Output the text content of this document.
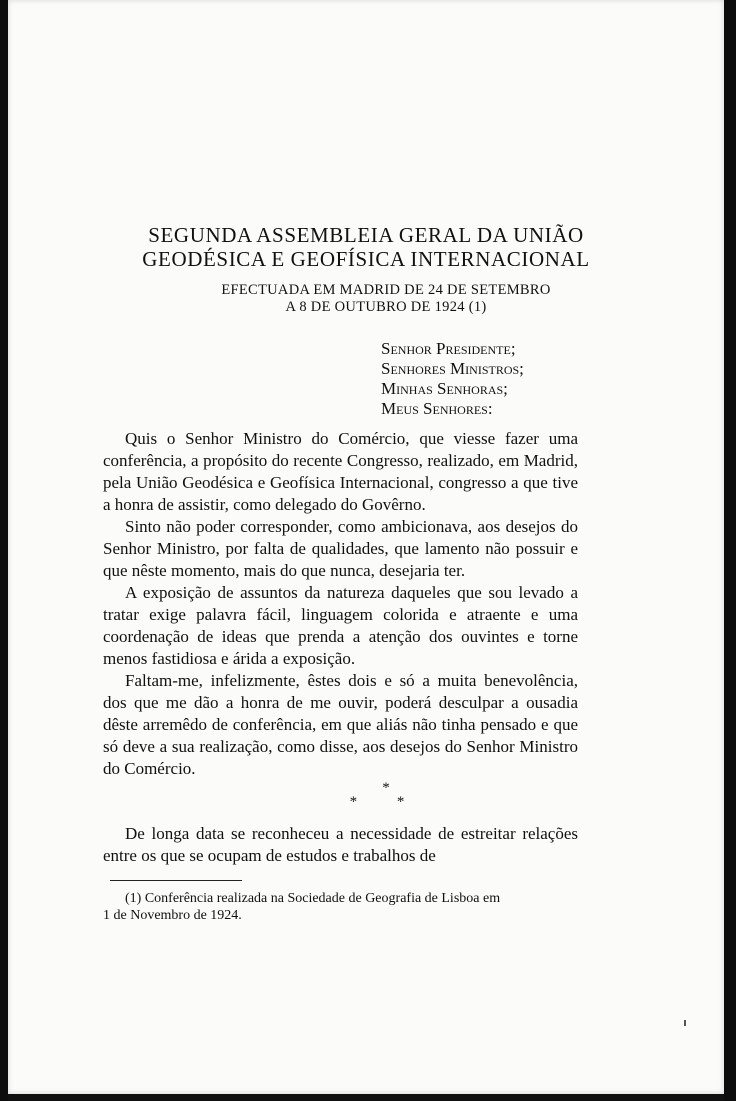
SEGUNDA ASSEMBLEIA GERAL DA UNIÃO
GEODÉSICA E GEOFÍSICA INTERNACIONAL
EFECTUADA EM MADRID DE 24 DE SETEMBRO
A 8 DE OUTUBRO DE 1924 (1)
Senhor Presidente;
Senhores Ministros;
Minhas Senhoras;
Meus Senhores:

Quis o Senhor Ministro do Comércio, que viesse fazer uma conferência, a propósito do recente Congresso, realizado, em Madrid, pela União Geodésica e Geofísica Internacional, congresso a que tive a honra de assistir, como delegado do Govêrno.

Sinto não poder corresponder, como ambicionava, aos desejos do Senhor Ministro, por falta de qualidades, que lamento não possuir e que nêste momento, mais do que nunca, desejaria ter.

A exposição de assuntos da natureza daqueles que sou levado a tratar exige palavra fácil, linguagem colorida e atraente e uma coordenação de ideas que prenda a atenção dos ouvintes e torne menos fastidiosa e árida a exposição.

Faltam-me, infelizmente, êstes dois e só a muita benevolência, dos que me dão a honra de me ouvir, poderá desculpar a ousadia dêste arremêdo de conferência, em que aliás não tinha pensado e que só deve a sua realização, como disse, aos desejos do Senhor Ministro do Comércio.

*
* *

De longa data se reconheceu a necessidade de estreitar relações entre os que se ocupam de estudos e trabalhos de

(1) Conferência realizada na Sociedade de Geografia de Lisboa em
1 de Novembro de 1924.
